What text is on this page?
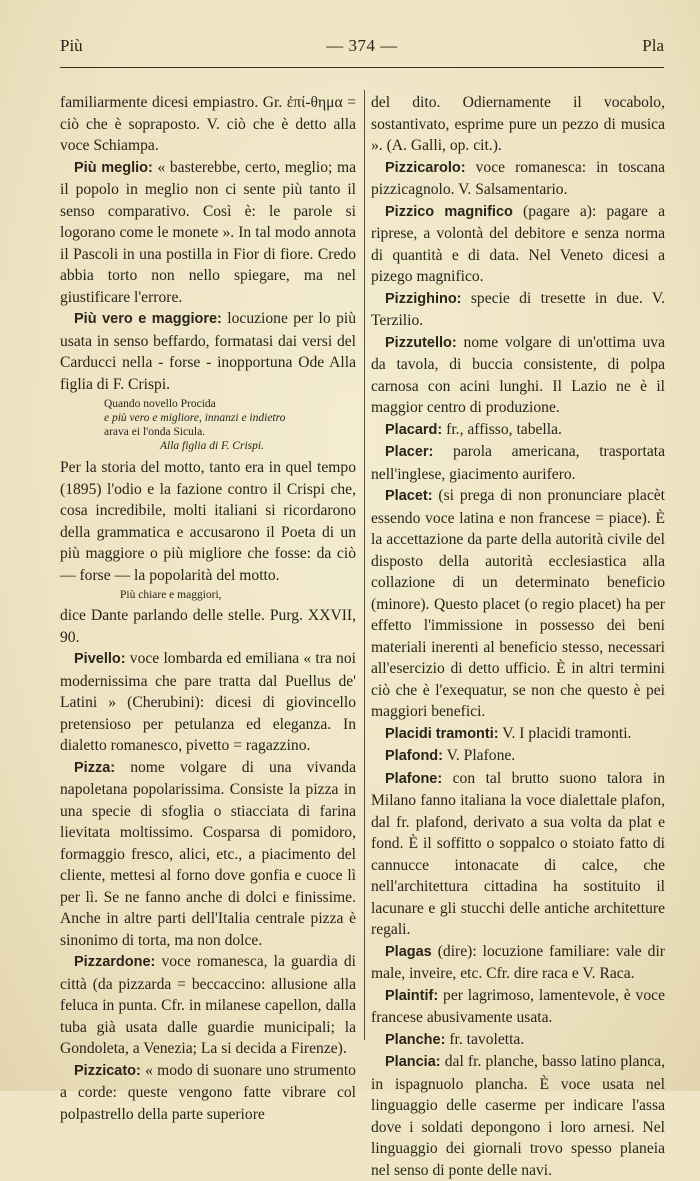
Più	— 374 —	Pla

familiarmente dicesi empiastro. Gr. ἐπί-θημα = ciò che è sopraposto. V. ciò che è detto alla voce Schiampa.

Più meglio: « basterebbe, certo, meglio; ma il popolo in meglio non ci sente più tanto il senso comparativo. Così è: le parole si logorano come le monete ». In tal modo annota il Pascoli in una postilla in Fior di fiore. Credo abbia torto non nello spiegare, ma nel giustificare l'errore.

Più vero e maggiore: locuzione per lo più usata in senso beffardo, formatasi dai versi del Carducci nella - forse - inopportuna Ode Alla figlia di F. Crispi.

Quando novello Procida
e più vero e migliore, innanzi e indietro
arava ei l'onda Sicula.
Alla figlia di F. Crispi.

Per la storia del motto, tanto era in quel tempo (1895) l'odio e la fazione contro il Crispi che, cosa incredibile, molti italiani si ricordarono della grammatica e accusarono il Poeta di un più maggiore o più migliore che fosse: da ciò — forse — la popolarità del motto.

Più chiare e maggiori,

dice Dante parlando delle stelle. Purg. XXVII, 90.

Pivello: voce lombarda ed emiliana « tra noi modernissima che pare tratta dal Puellus de' Latini » (Cherubini): dicesi di giovincello pretensioso per petulanza ed eleganza. In dialetto romanesco, pivetto = ragazzino.

Pizza: nome volgare di una vivanda napoletana popolarissima. Consiste la pizza in una specie di sfoglia o stiacciata di farina lievitata moltissimo. Cosparsa di pomidoro, formaggio fresco, alici, etc., a piacimento del cliente, mettesi al forno dove gonfia e cuoce lì per lì. Se ne fanno anche di dolci e finissime. Anche in altre parti dell'Italia centrale pizza è sinonimo di torta, ma non dolce.

Pizzardone: voce romanesca, la guardia di città (da pizzarda = beccaccino: allusione alla feluca in punta. Cfr. in milanese capellon, dalla tuba già usata dalle guardie municipali; la Gondoleta, a Venezia; La si decida a Firenze).

Pizzicato: « modo di suonare uno strumento a corde: queste vengono fatte vibrare col polpastrello della parte superiore

del dito. Odiernamente il vocabolo, sostantivato, esprime pure un pezzo di musica ». (A. Galli, op. cit.).

Pizzicarolo: voce romanesca: in toscana pizzicagnolo. V. Salsamentario.

Pizzico magnifico (pagare a): pagare a riprese, a volontà del debitore e senza norma di quantità e di data. Nel Veneto dicesi a pizego magnifico.

Pizzighino: specie di tresette in due. V. Terzilio.

Pizzutello: nome volgare di un'ottima uva da tavola, di buccia consistente, di polpa carnosa con acini lunghi. Il Lazio ne è il maggior centro di produzione.

Placard: fr., affisso, tabella.

Placer: parola americana, trasportata nell'inglese, giacimento aurifero.

Placet: (si prega di non pronunciare placèt essendo voce latina e non francese = piace). È la accettazione da parte della autorità civile del disposto della autorità ecclesiastica alla collazione di un determinato beneficio (minore). Questo placet (o regio placet) ha per effetto l'immissione in possesso dei beni materiali inerenti al beneficio stesso, necessari all'esercizio di detto ufficio. È in altri termini ciò che è l'exequatur, se non che questo è pei maggiori benefici.

Placidi tramonti: V. I placidi tramonti.

Plafond: V. Plafone.

Plafone: con tal brutto suono talora in Milano fanno italiana la voce dialettale plafon, dal fr. plafond, derivato a sua volta da plat e fond. È il soffitto o soppalco o stoiato fatto di cannucce intonacate di calce, che nell'architettura cittadina ha sostituito il lacunare e gli stucchi delle antiche architetture regali.

Plagas (dire): locuzione familiare: vale dir male, inveire, etc. Cfr. dire raca e V. Raca.

Plaintif: per lagrimoso, lamentevole, è voce francese abusivamente usata.

Planche: fr. tavoletta.

Plancia: dal fr. planche, basso latino planca, in ispagnuolo plancha. È voce usata nel linguaggio delle caserme per indicare l'assa dove i soldati depongono i loro arnesi. Nel linguaggio dei giornali trovo spesso planeia nel senso di ponte delle navi.
